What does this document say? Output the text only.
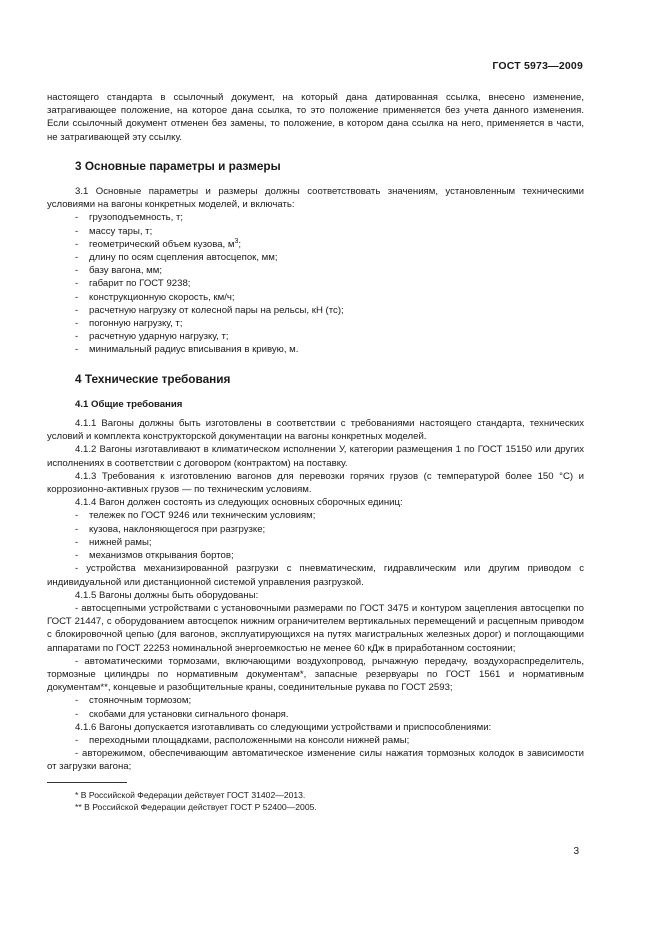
ГОСТ 5973—2009
настоящего стандарта в ссылочный документ, на который дана датированная ссылка, внесено изменение, затрагивающее положение, на которое дана ссылка, то это положение применяется без учета данного изменения. Если ссылочный документ отменен без замены, то положение, в котором дана ссылка на него, применяется в части, не затрагивающей эту ссылку.
3 Основные параметры и размеры
3.1 Основные параметры и размеры должны соответствовать значениям, установленным техническими условиями на вагоны конкретных моделей, и включать:
-	грузоподъемность, т;
-	массу тары, т;
-	геометрический объем кузова, $м^3$;
-	длину по осям сцепления автосцепок, мм;
-	базу вагона, мм;
-	габарит по ГОСТ 9238;
-	конструкционную скорость, км/ч;
-	расчетную нагрузку от колесной пары на рельсы, кН (тс);
-	погонную нагрузку, т;
-	расчетную ударную нагрузку, т;
-	минимальный радиус вписывания в кривую, м.
4 Технические требования
4.1 Общие требования
4.1.1 Вагоны должны быть изготовлены в соответствии с требованиями настоящего стандарта, технических условий и комплекта конструкторской документации на вагоны конкретных моделей.
4.1.2 Вагоны изготавливают в климатическом исполнении У, категории размещения 1 по ГОСТ 15150 или других исполнениях в соответствии с договором (контрактом) на поставку.
4.1.3 Требования к изготовлению вагонов для перевозки горячих грузов (с температурой более 150 °С) и коррозионно-активных грузов — по техническим условиям.
4.1.4 Вагон должен состоять из следующих основных сборочных единиц:
-	тележек по ГОСТ 9246 или техническим условиям;
-	кузова, наклоняющегося при разгрузке;
-	нижней рамы;
-	механизмов открывания бортов;
- устройства механизированной разгрузки с пневматическим, гидравлическим или другим приводом с индивидуальной или дистанционной системой управления разгрузкой.
4.1.5 Вагоны должны быть оборудованы:
- автосцепными устройствами с установочными размерами по ГОСТ 3475 и контуром зацепления автосцепки по ГОСТ 21447, с оборудованием автосцепок нижним ограничителем вертикальных перемещений и расцепным приводом с блокировочной цепью (для вагонов, эксплуатирующихся на путях магистральных железных дорог) и поглощающими аппаратами по ГОСТ 22253 номинальной энергоемкостью не менее 60 кДж в приработанном состоянии;
- автоматическими тормозами, включающими воздухопровод, рычажную передачу, воздухораспределитель, тормозные цилиндры по нормативным документам*, запасные резервуары по ГОСТ 1561 и нормативным документам**, концевые и разобщительные краны, соединительные рукава по ГОСТ 2593;
-	стояночным тормозом;
-	скобами для установки сигнального фонаря.
4.1.6 Вагоны допускается изготавливать со следующими устройствами и приспособлениями:
-	переходными площадками, расположенными на консоли нижней рамы;
- авторежимом, обеспечивающим автоматическое изменение силы нажатия тормозных колодок в зависимости от загрузки вагона;
* В Российской Федерации действует ГОСТ 31402—2013.
** В Российской Федерации действует ГОСТ Р 52400—2005.
3
